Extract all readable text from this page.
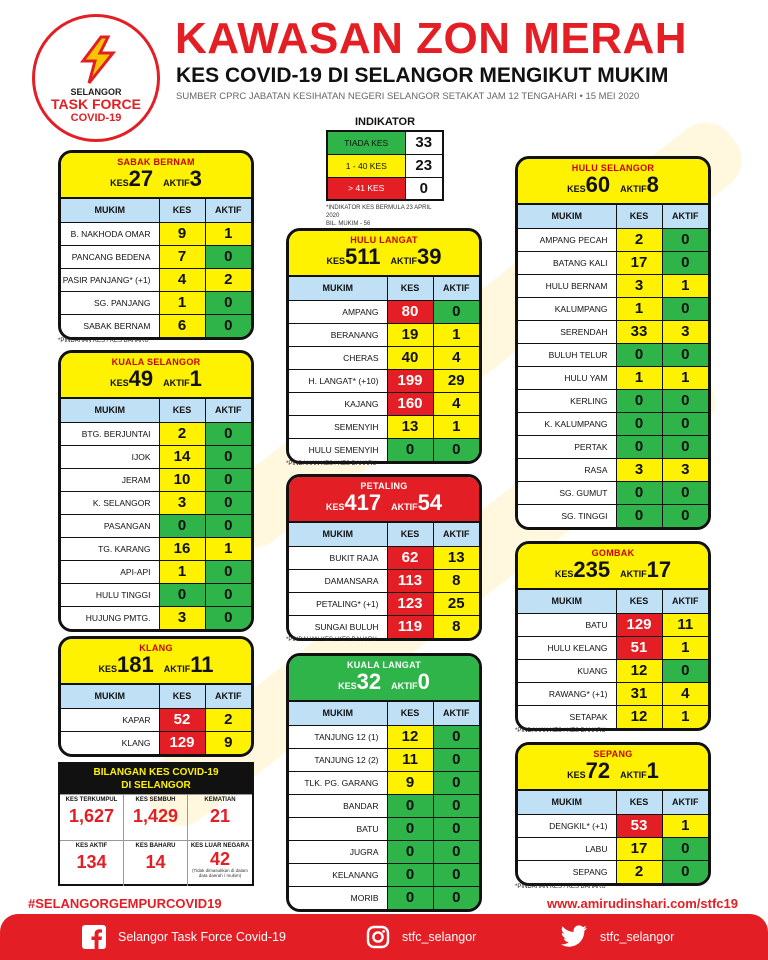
SELANGOR
TASK FORCE
COVID-19
KAWASAN ZON MERAH
KES COVID-19 DI SELANGOR MENGIKUT MUKIM
SUMBER CPRC JABATAN KESIHATAN NEGERI SELANGOR SETAKAT JAM 12 TENGAHARI • 15 MEI 2020
INDIKATOR
TIADA KES	33
1 - 40 KES	23
> 41 KES	0
*INDIKATOR KES BERMULA 23 APRIL 2020
BIL. MUKIM - 56
SABAK BERNAM
KES27 AKTIF3
MUKIM	KES	AKTIF
B. NAKHODA OMAR	9	1
PANCANG BEDENA	7	0
PASIR PANJANG* (+1)	4	2
SG. PANJANG	1	0
SABAK BERNAM	6	0
*PINDAHAN KES / KES BAHARU
KUALA SELANGOR
KES49 AKTIF1
MUKIM	KES	AKTIF
BTG. BERJUNTAI	2	0
IJOK	14	0
JERAM	10	0
K. SELANGOR	3	0
PASANGAN	0	0
TG. KARANG	16	1
API-API	1	0
HULU TINGGI	0	0
HUJUNG PMTG.	3	0
KLANG
KES181 AKTIF11
MUKIM	KES	AKTIF
KAPAR	52	2
KLANG	129	9
HULU LANGAT
KES511 AKTIF39
MUKIM	KES	AKTIF
AMPANG	80	0
BERANANG	19	1
CHERAS	40	4
H. LANGAT* (+10)	199	29
KAJANG	160	4
SEMENYIH	13	1
HULU SEMENYIH	0	0
*PINDAHAN KES / KES BAHARU
PETALING
KES417 AKTIF54
MUKIM	KES	AKTIF
BUKIT RAJA	62	13
DAMANSARA	113	8
PETALING* (+1)	123	25
SUNGAI BULUH	119	8
*PINDAHAN KES / KES BAHARU
KUALA LANGAT
KES32 AKTIF0
MUKIM	KES	AKTIF
TANJUNG 12 (1)	12	0
TANJUNG 12 (2)	11	0
TLK. PG. GARANG	9	0
BANDAR	0	0
BATU	0	0
JUGRA	0	0
KELANANG	0	0
MORIB	0	0
HULU SELANGOR
KES60 AKTIF8
MUKIM	KES	AKTIF
AMPANG PECAH	2	0
BATANG KALI	17	0
HULU BERNAM	3	1
KALUMPANG	1	0
SERENDAH	33	3
BULUH TELUR	0	0
HULU YAM	1	1
KERLING	0	0
K. KALUMPANG	0	0
PERTAK	0	0
RASA	3	3
SG. GUMUT	0	0
SG. TINGGI	0	0
GOMBAK
KES235 AKTIF17
MUKIM	KES	AKTIF
BATU	129	11
HULU KELANG	51	1
KUANG	12	0
RAWANG* (+1)	31	4
SETAPAK	12	1
*PINDAHAN KES / KES BAHARU
SEPANG
KES72 AKTIF1
MUKIM	KES	AKTIF
DENGKIL* (+1)	53	1
LABU	17	0
SEPANG	2	0
*PINDAHAN KES / KES BAHARU
BILANGAN KES COVID-19
DI SELANGOR
KES TERKUMPUL
1,627
KES SEMBUH
1,429
KEMATIAN
21
KES AKTIF
134
KES BAHARU
14
KES LUAR NEGARA
42
(Tidak dimasukkan di dalam data daerah / mukim)
#SELANGORGEMPURCOVID19	www.amirudinshari.com/stfc19
Selangor Task Force Covid-19	stfc_selangor	stfc_selangor
